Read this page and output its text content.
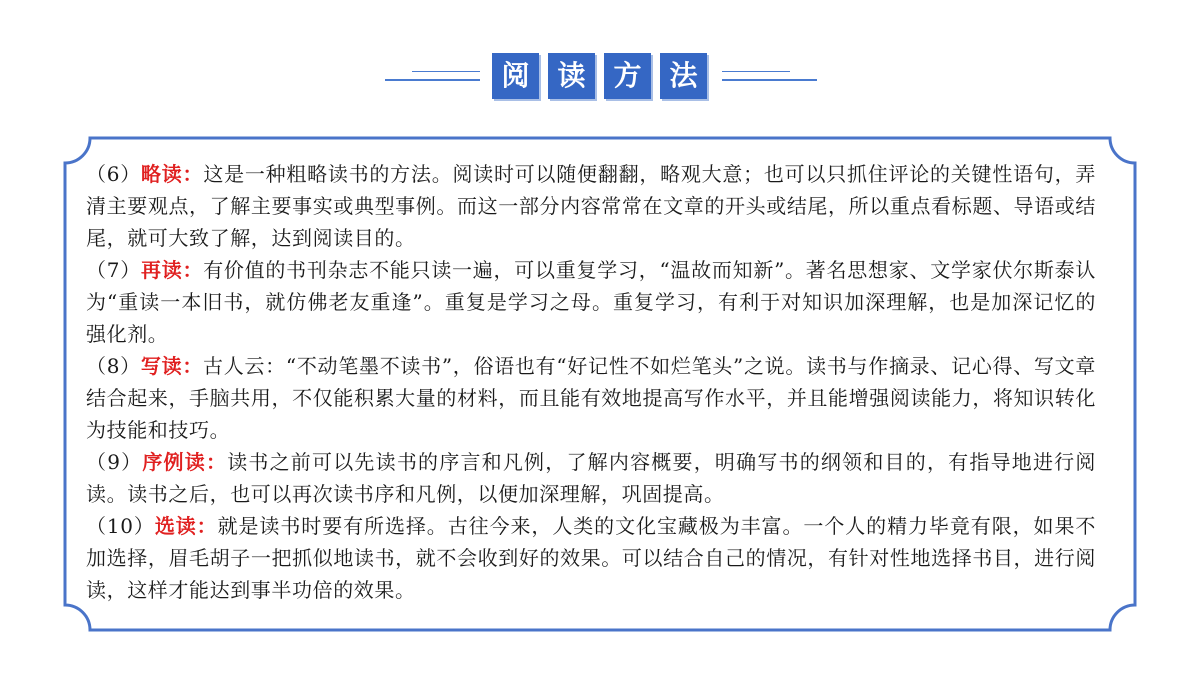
阅 读 方 法

（6）略读：这是一种粗略读书的方法。阅读时可以随便翻翻，略观大意；也可以只抓住评论的关键性语句，弄清主要观点，了解主要事实或典型事例。而这一部分内容常常在文章的开头或结尾，所以重点看标题、导语或结尾，就可大致了解，达到阅读目的。

（7）再读：有价值的书刊杂志不能只读一遍，可以重复学习，“温故而知新”。著名思想家、文学家伏尔斯泰认为“重读一本旧书，就仿佛老友重逢”。重复是学习之母。重复学习，有利于对知识加深理解，也是加深记忆的强化剂。

（8）写读：古人云：“不动笔墨不读书”，俗语也有“好记性不如烂笔头”之说。读书与作摘录、记心得、写文章结合起来，手脑共用，不仅能积累大量的材料，而且能有效地提高写作水平，并且能增强阅读能力，将知识转化为技能和技巧。

（9）序例读：读书之前可以先读书的序言和凡例，了解内容概要，明确写书的纲领和目的，有指导地进行阅读。读书之后，也可以再次读书序和凡例，以便加深理解，巩固提高。

（10）选读：就是读书时要有所选择。古往今来，人类的文化宝藏极为丰富。一个人的精力毕竟有限，如果不加选择，眉毛胡子一把抓似地读书，就不会收到好的效果。可以结合自己的情况，有针对性地选择书目，进行阅读，这样才能达到事半功倍的效果。
